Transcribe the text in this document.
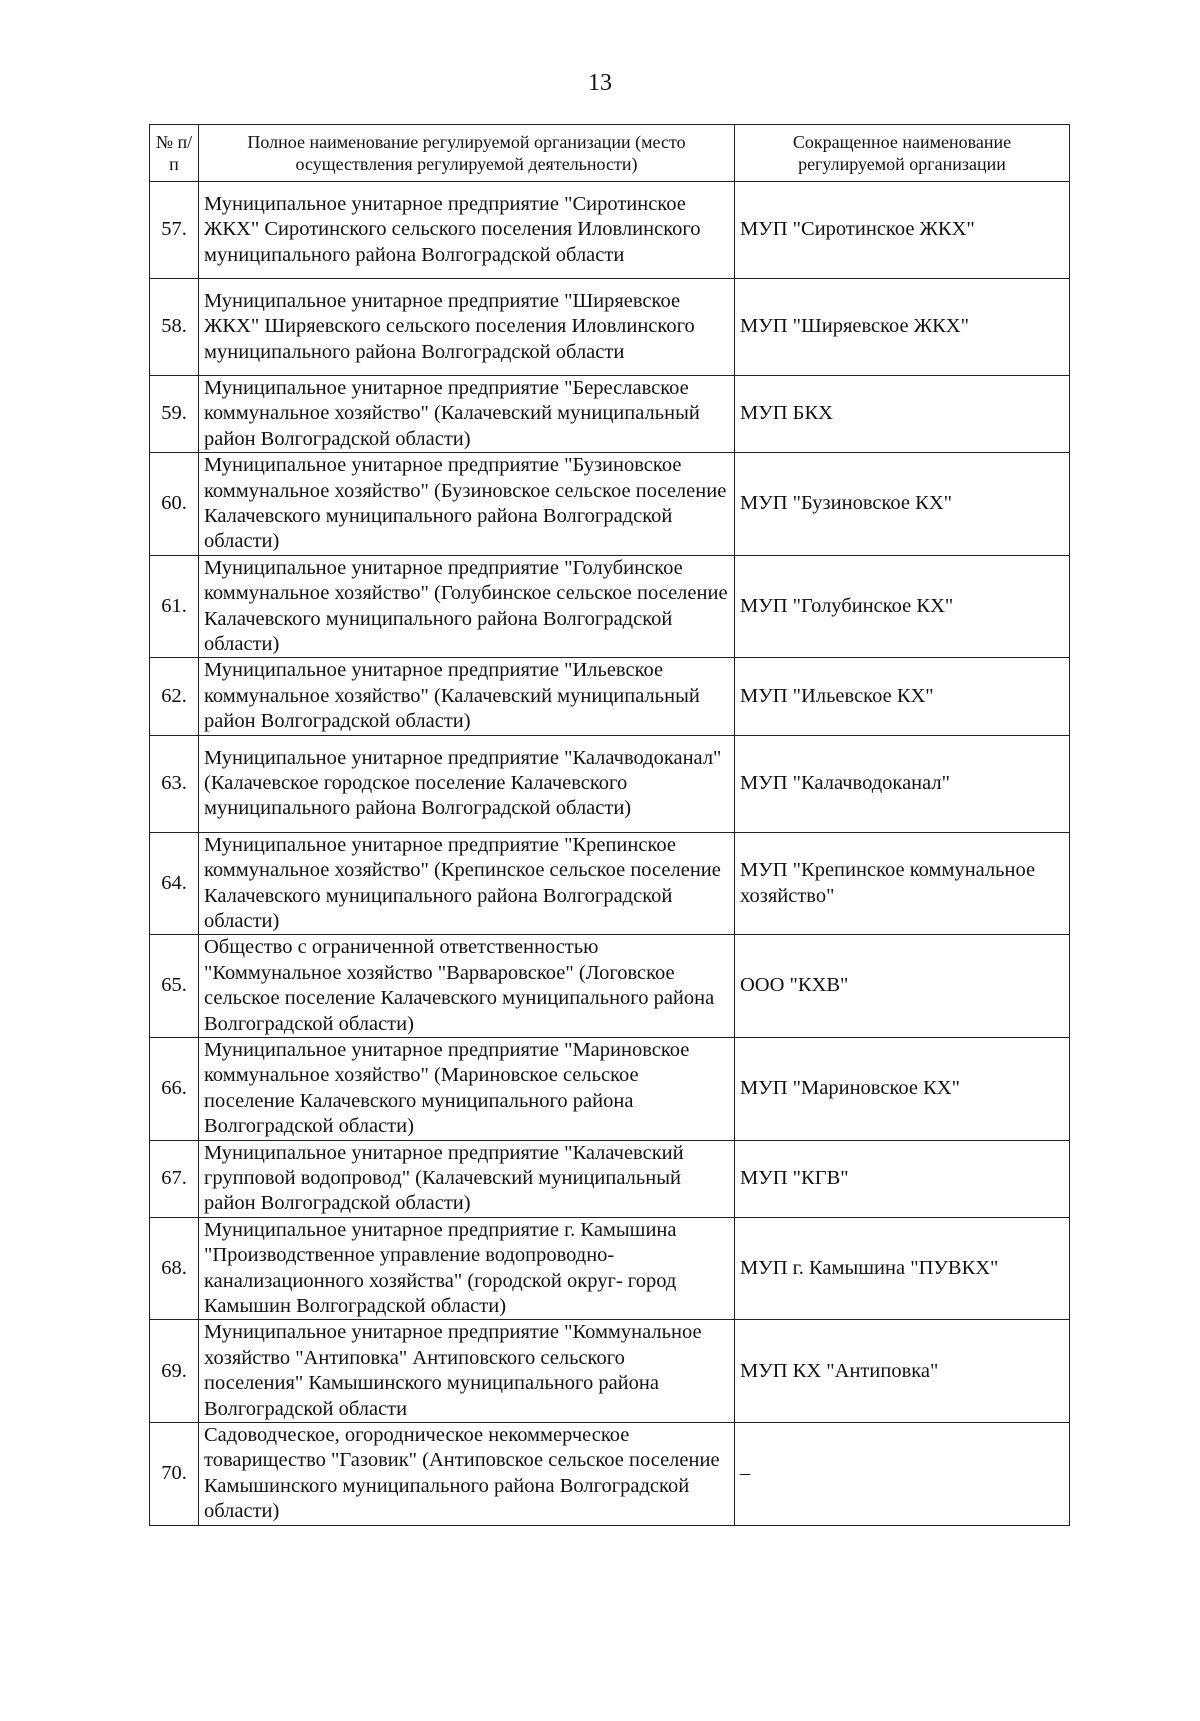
13
№ п/п	Полное наименование регулируемой организации (место осуществления регулируемой деятельности)	Сокращенное наименование регулируемой организации
57.	Муниципальное унитарное предприятие "Сиротинское ЖКХ" Сиротинского сельского поселения Иловлинского муниципального района Волгоградской области	МУП "Сиротинское ЖКХ"
58.	Муниципальное унитарное предприятие "Ширяевское ЖКХ" Ширяевского сельского поселения Иловлинского муниципального района Волгоградской области	МУП "Ширяевское ЖКХ"
59.	Муниципальное унитарное предприятие "Береславское коммунальное хозяйство" (Калачевский муниципальный район Волгоградской области)	МУП БКХ
60.	Муниципальное унитарное предприятие "Бузиновское коммунальное хозяйство" (Бузиновское сельское поселение Калачевского муниципального района Волгоградской области)	МУП "Бузиновское КХ"
61.	Муниципальное унитарное предприятие "Голубинское коммунальное хозяйство" (Голубинское сельское поселение Калачевского муниципального района Волгоградской области)	МУП "Голубинское КХ"
62.	Муниципальное унитарное предприятие "Ильевское коммунальное хозяйство" (Калачевский муниципальный район Волгоградской области)	МУП "Ильевское КХ"
63.	Муниципальное унитарное предприятие "Калачводоканал" (Калачевское городское поселение Калачевского муниципального района Волгоградской области)	МУП "Калачводоканал"
64.	Муниципальное унитарное предприятие "Крепинское коммунальное хозяйство" (Крепинское сельское поселение Калачевского муниципального района Волгоградской области)	МУП "Крепинское коммунальное хозяйство"
65.	Общество с ограниченной ответственностью "Коммунальное хозяйство "Варваровское" (Логовское сельское поселение Калачевского муниципального района Волгоградской области)	ООО "КХВ"
66.	Муниципальное унитарное предприятие "Мариновское коммунальное хозяйство" (Мариновское сельское поселение Калачевского муниципального района Волгоградской области)	МУП "Мариновское КХ"
67.	Муниципальное унитарное предприятие "Калачевский групповой водопровод" (Калачевский муниципальный район Волгоградской области)	МУП "КГВ"
68.	Муниципальное унитарное предприятие г. Камышина "Производственное управление водопроводно-канализационного хозяйства" (городской округ- город Камышин Волгоградской области)	МУП г. Камышина "ПУВКХ"
69.	Муниципальное унитарное предприятие "Коммунальное хозяйство "Антиповка" Антиповского сельского поселения" Камышинского муниципального района Волгоградской области	МУП КХ "Антиповка"
70.	Садоводческое, огородническое некоммерческое товарищество "Газовик" (Антиповское сельское поселение Камышинского муниципального района Волгоградской области)	–
